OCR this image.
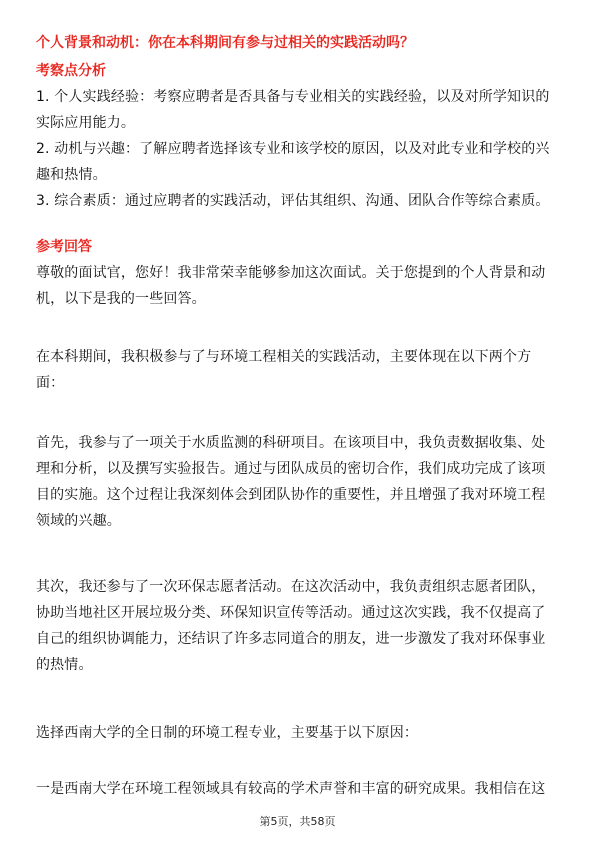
个人背景和动机：你在本科期间有参与过相关的实践活动吗？
考察点分析
1. 个人实践经验：考察应聘者是否具备与专业相关的实践经验，以及对所学知识的
实际应用能力。
2. 动机与兴趣：了解应聘者选择该专业和该学校的原因，以及对此专业和学校的兴
趣和热情。
3. 综合素质：通过应聘者的实践活动，评估其组织、沟通、团队合作等综合素质。
参考回答
尊敬的面试官，您好！我非常荣幸能够参加这次面试。关于您提到的个人背景和动
机，以下是我的一些回答。
在本科期间，我积极参与了与环境工程相关的实践活动，主要体现在以下两个方
面：
首先，我参与了一项关于水质监测的科研项目。在该项目中，我负责数据收集、处
理和分析，以及撰写实验报告。通过与团队成员的密切合作，我们成功完成了该项
目的实施。这个过程让我深刻体会到团队协作的重要性，并且增强了我对环境工程
领域的兴趣。
其次，我还参与了一次环保志愿者活动。在这次活动中，我负责组织志愿者团队，
协助当地社区开展垃圾分类、环保知识宣传等活动。通过这次实践，我不仅提高了
自己的组织协调能力，还结识了许多志同道合的朋友，进一步激发了我对环保事业
的热情。
选择西南大学的全日制的环境工程专业，主要基于以下原因：
一是西南大学在环境工程领域具有较高的学术声誉和丰富的研究成果。我相信在这
第5页，共58页
